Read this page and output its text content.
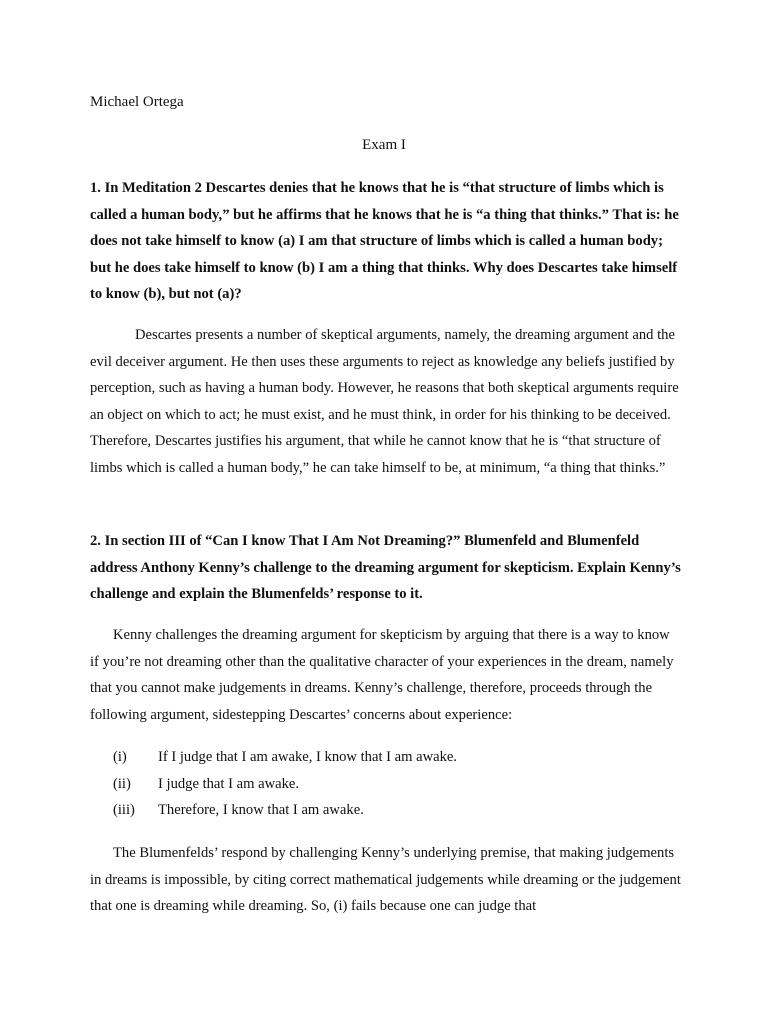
Michael Ortega

Exam I

1. In Meditation 2 Descartes denies that he knows that he is “that structure of limbs which is called a human body,” but he affirms that he knows that he is “a thing that thinks.” That is: he does not take himself to know (a) I am that structure of limbs which is called a human body; but he does take himself to know (b) I am a thing that thinks. Why does Descartes take himself to know (b), but not (a)?

Descartes presents a number of skeptical arguments, namely, the dreaming argument and the evil deceiver argument. He then uses these arguments to reject as knowledge any beliefs justified by perception, such as having a human body. However, he reasons that both skeptical arguments require an object on which to act; he must exist, and he must think, in order for his thinking to be deceived. Therefore, Descartes justifies his argument, that while he cannot know that he is “that structure of limbs which is called a human body,” he can take himself to be, at minimum, “a thing that thinks.”

2. In section III of “Can I know That I Am Not Dreaming?” Blumenfeld and Blumenfeld address Anthony Kenny’s challenge to the dreaming argument for skepticism. Explain Kenny’s challenge and explain the Blumenfelds’ response to it.

Kenny challenges the dreaming argument for skepticism by arguing that there is a way to know if you’re not dreaming other than the qualitative character of your experiences in the dream, namely that you cannot make judgements in dreams. Kenny’s challenge, therefore, proceeds through the following argument, sidestepping Descartes’ concerns about experience:

(i)	If I judge that I am awake, I know that I am awake.
(ii)	I judge that I am awake.
(iii)	Therefore, I know that I am awake.

The Blumenfelds’ respond by challenging Kenny’s underlying premise, that making judgements in dreams is impossible, by citing correct mathematical judgements while dreaming or the judgement that one is dreaming while dreaming. So, (i) fails because one can judge that
